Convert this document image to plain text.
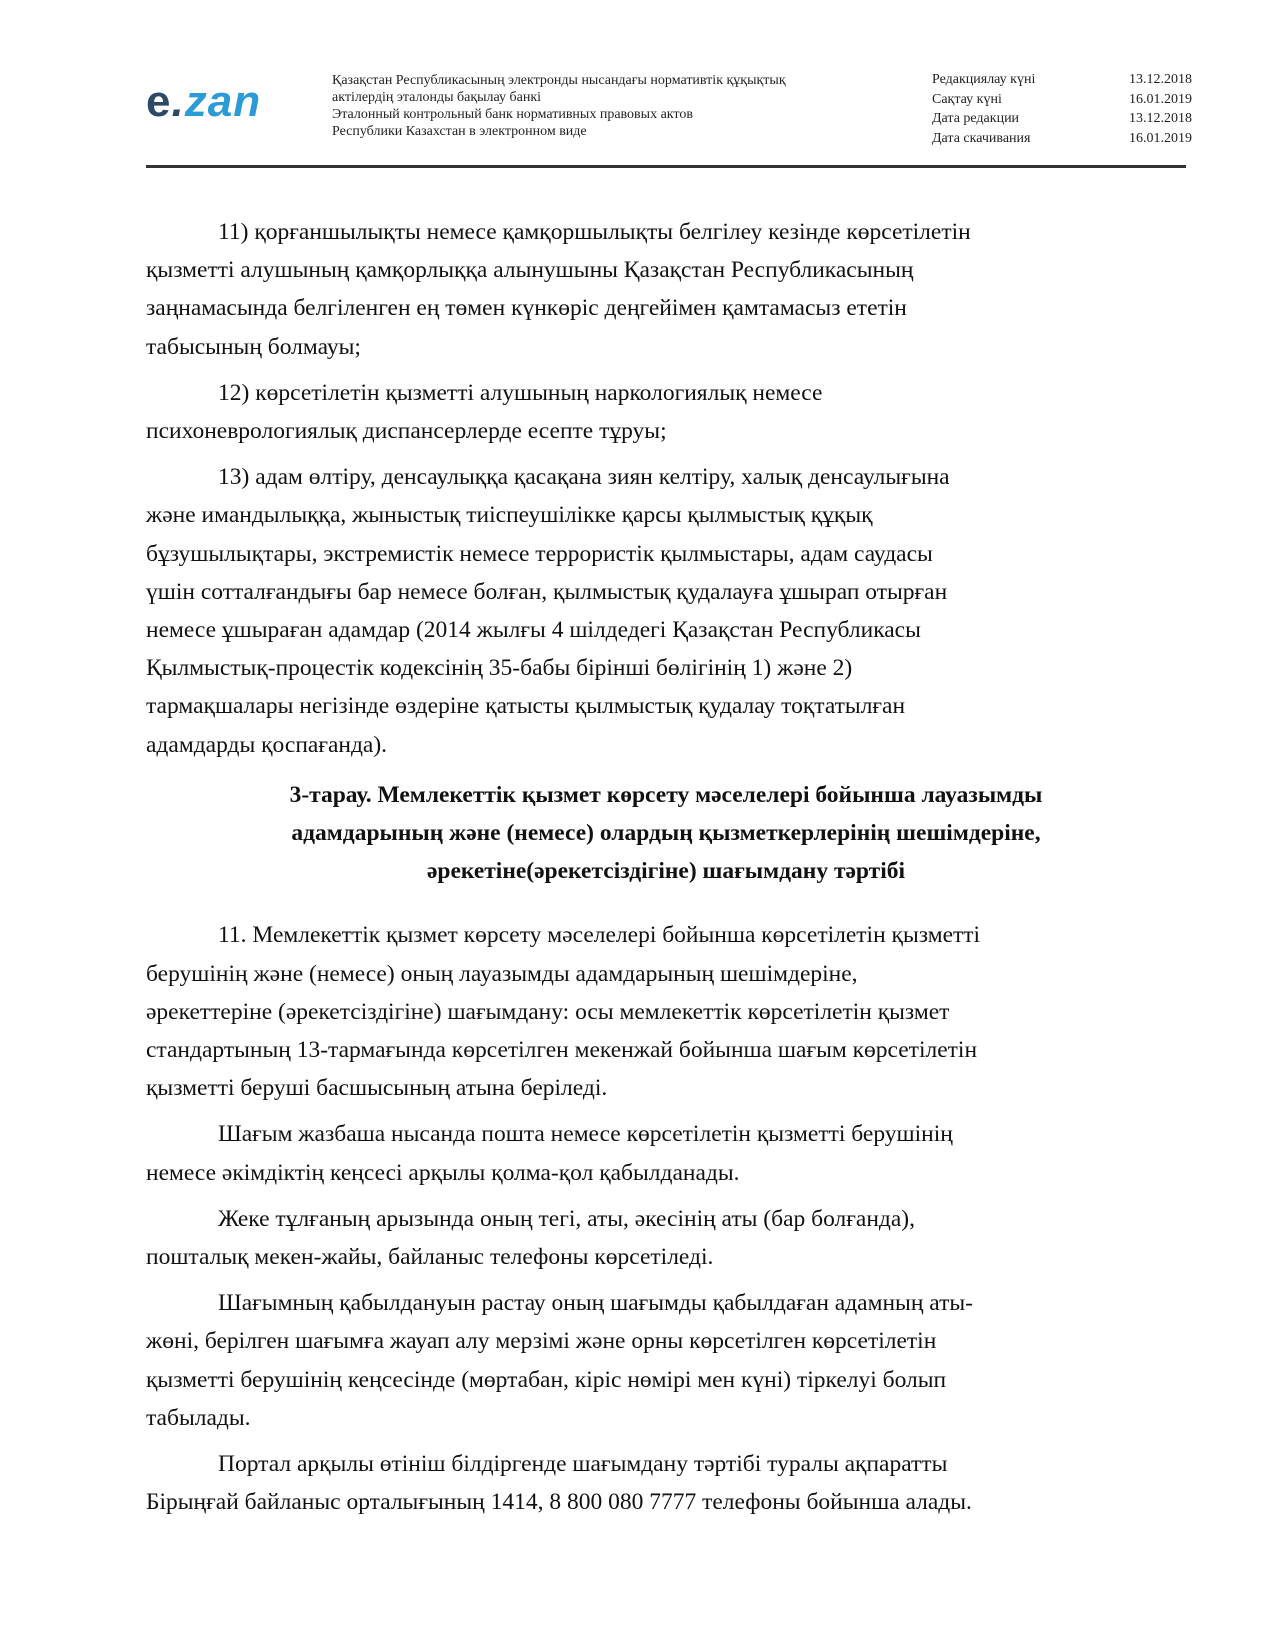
e.zan	Қазақстан Республикасының электронды нысандағы нормативтік құқықтық
актілердің эталонды бақылау банкі
Эталонный контрольный банк нормативных правовых актов
Республики Казахстан в электронном виде
Редакциялау күні	13.12.2018
Сақтау күні	16.01.2019
Дата редакции	13.12.2018
Дата скачивания	16.01.2019

11) қорғаншылықты немесе қамқоршылықты белгілеу кезінде көрсетілетін
қызметті алушының қамқорлыққа алынушыны Қазақстан Республикасының
заңнамасында белгіленген ең төмен күнкөріс деңгейімен қамтамасыз ететін
табысының болмауы;

12) көрсетілетін қызметті алушының наркологиялық немесе
психоневрологиялық диспансерлерде есепте тұруы;

13) адам өлтіру, денсаулыққа қасақана зиян келтіру, халық денсаулығына
және имандылыққа, жыныстық тиіспеушілікке қарсы қылмыстық құқық
бұзушылықтары, экстремистік немесе террористік қылмыстары, адам саудасы
үшін сотталғандығы бар немесе болған, қылмыстық қудалауға ұшырап отырған
немесе ұшыраған адамдар (2014 жылғы 4 шілдедегі Қазақстан Республикасы
Қылмыстық-процестік кодексінің 35-бабы бірінші бөлігінің 1) және 2)
тармақшалары негізінде өздеріне қатысты қылмыстық қудалау тоқтатылған
адамдарды қоспағанда).

3-тарау. Мемлекеттік қызмет көрсету мәселелері бойынша лауазымды
адамдарының және (немесе) олардың қызметкерлерінің шешімдеріне,
әрекетіне(әрекетсіздігіне) шағымдану тәртібі

11. Мемлекеттік қызмет көрсету мәселелері бойынша көрсетілетін қызметті
берушінің және (немесе) оның лауазымды адамдарының шешімдеріне,
әрекеттеріне (әрекетсіздігіне) шағымдану: осы мемлекеттік көрсетілетін қызмет
стандартының 13-тармағында көрсетілген мекенжай бойынша шағым көрсетілетін
қызметті беруші басшысының атына беріледі.

Шағым жазбаша нысанда пошта немесе көрсетілетін қызметті берушінің
немесе әкімдіктің кеңсесі арқылы қолма-қол қабылданады.

Жеке тұлғаның арызында оның тегі, аты, әкесінің аты (бар болғанда),
пошталық мекен-жайы, байланыс телефоны көрсетіледі.

Шағымның қабылдануын растау оның шағымды қабылдаған адамның аты-
жөні, берілген шағымға жауап алу мерзімі және орны көрсетілген көрсетілетін
қызметті берушінің кеңсесінде (мөртабан, кіріс нөмірі мен күні) тіркелуі болып
табылады.

Портал арқылы өтініш білдіргенде шағымдану тәртібі туралы ақпаратты
Бірыңғай байланыс орталығының 1414, 8 800 080 7777 телефоны бойынша алады.
